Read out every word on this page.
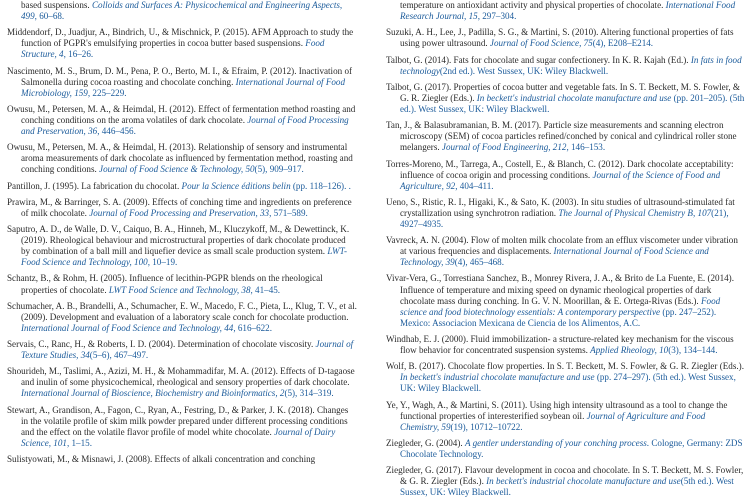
based suspensions. Colloids and Surfaces A: Physicochemical and Engineering Aspects, 499, 60–68.

Middendorf, D., Juadjur, A., Bindrich, U., & Mischnick, P. (2015). AFM Approach to study the function of PGPR's emulsifying properties in cocoa butter based suspensions. Food Structure, 4, 16–26.

Nascimento, M. S., Brum, D. M., Pena, P. O., Berto, M. I., & Efraim, P. (2012). Inactivation of Salmonella during cocoa roasting and chocolate conching. International Journal of Food Microbiology, 159, 225–229.

Owusu, M., Petersen, M. A., & Heimdal, H. (2012). Effect of fermentation method roasting and conching conditions on the aroma volatiles of dark chocolate. Journal of Food Processing and Preservation, 36, 446–456.

Owusu, M., Petersen, M. A., & Heimdal, H. (2013). Relationship of sensory and instrumental aroma measurements of dark chocolate as influenced by fermentation method, roasting and conching conditions. Journal of Food Science & Technology, 50(5), 909–917.

Pantillon, J. (1995). La fabrication du chocolat. Pour la Science éditions belin (pp. 118–126). .

Prawira, M., & Barringer, S. A. (2009). Effects of conching time and ingredients on preference of milk chocolate. Journal of Food Processing and Preservation, 33, 571–589.

Saputro, A. D., de Walle, D. V., Caiquo, B. A., Hinneh, M., Kluczykoff, M., & Dewettinck, K. (2019). Rheological behaviour and microstructural properties of dark chocolate produced by combination of a ball mill and liquefier device as small scale production system. LWT-Food Science and Technology, 100, 10–19.

Schantz, B., & Rohm, H. (2005). Influence of lecithin-PGPR blends on the rheological properties of chocolate. LWT Food Science and Technology, 38, 41–45.

Schumacher, A. B., Brandelli, A., Schumacher, E. W., Macedo, F. C., Pieta, L., Klug, T. V., et al. (2009). Development and evaluation of a laboratory scale conch for chocolate production. International Journal of Food Science and Technology, 44, 616–622.

Servais, C., Ranc, H., & Roberts, I. D. (2004). Determination of chocolate viscosity. Journal of Texture Studies, 34(5–6), 467–497.

Shourideh, M., Taslimi, A., Azizi, M. H., & Mohammadifar, M. A. (2012). Effects of D-tagaose and inulin of some physicochemical, rheological and sensory properties of dark chocolate. International Journal of Bioscience, Biochemistry and Bioinformatics, 2(5), 314–319.

Stewart, A., Grandison, A., Fagon, C., Ryan, A., Festring, D., & Parker, J. K. (2018). Changes in the volatile profile of skim milk powder prepared under different processing conditions and the effect on the volatile flavor profile of model white chocolate. Journal of Dairy Science, 101, 1–15.

Sulistyowati, M., & Misnawi, J. (2008). Effects of alkali concentration and conching

temperature on antioxidant activity and physical properties of chocolate. International Food Research Journal, 15, 297–304.

Suzuki, A. H., Lee, J., Padilla, S. G., & Martini, S. (2010). Altering functional properties of fats using power ultrasound. Journal of Food Science, 75(4), E208–E214.

Talbot, G. (2014). Fats for chocolate and sugar confectionery. In K. R. Kajah (Ed.). In fats in food technology(2nd ed.). West Sussex, UK: Wiley Blackwell.

Talbot, G. (2017). Properties of cocoa butter and vegetable fats. In S. T. Beckett, M. S. Fowler, & G. R. Ziegler (Eds.). In beckett's industrial chocolate manufacture and use (pp. 201–205). (5th ed.). West Sussex, UK: Wiley Blackwell.

Tan, J., & Balasubramanian, B. M. (2017). Particle size measurements and scanning electron microscopy (SEM) of cocoa particles refined/conched by conical and cylindrical roller stone melangers. Journal of Food Engineering, 212, 146–153.

Torres-Moreno, M., Tarrega, A., Costell, E., & Blanch, C. (2012). Dark chocolate acceptability: influence of cocoa origin and processing conditions. Journal of the Science of Food and Agriculture, 92, 404–411.

Ueno, S., Ristic, R. I., Higaki, K., & Sato, K. (2003). In situ studies of ultrasound-stimulated fat crystallization using synchrotron radiation. The Journal of Physical Chemistry B, 107(21), 4927–4935.

Vavreck, A. N. (2004). Flow of molten milk chocolate from an efflux viscometer under vibration at various frequencies and displacements. International Journal of Food Science and Technology, 39(4), 465–468.

Vivar-Vera, G., Torrestiana Sanchez, B., Monrey Rivera, J. A., & Brito de La Fuente, E. (2014). Influence of temperature and mixing speed on dynamic rheological properties of dark chocolate mass during conching. In G. V. N. Moorillan, & E. Ortega-Rivas (Eds.). Food science and food biotechnology essentials: A contemporary perspective (pp. 247–252). Mexico: Associacion Mexicana de Ciencia de los Alimentos, A.C.

Windhab, E. J. (2000). Fluid immobilization- a structure-related key mechanism for the viscous flow behavior for concentrated suspension systems. Applied Rheology, 10(3), 134–144.

Wolf, B. (2017). Chocolate flow properties. In S. T. Beckett, M. S. Fowler, & G. R. Ziegler (Eds.). In beckett's industrial chocolate manufacture and use (pp. 274–297). (5th ed.). West Sussex, UK: Wiley Blackwell.

Ye, Y., Wagh, A., & Martini, S. (2011). Using high intensity ultrasound as a tool to change the functional properties of interesterified soybean oil. Journal of Agriculture and Food Chemistry, 59(19), 10712–10722.

Ziegleder, G. (2004). A gentler understanding of your conching process. Cologne, Germany: ZDS Chocolate Technology.

Ziegleder, G. (2017). Flavour development in cocoa and chocolate. In S. T. Beckett, M. S. Fowler, & G. R. Ziegler (Eds.). In beckett's industrial chocolate manufacture and use(5th ed.). West Sussex, UK: Wiley Blackwell.
